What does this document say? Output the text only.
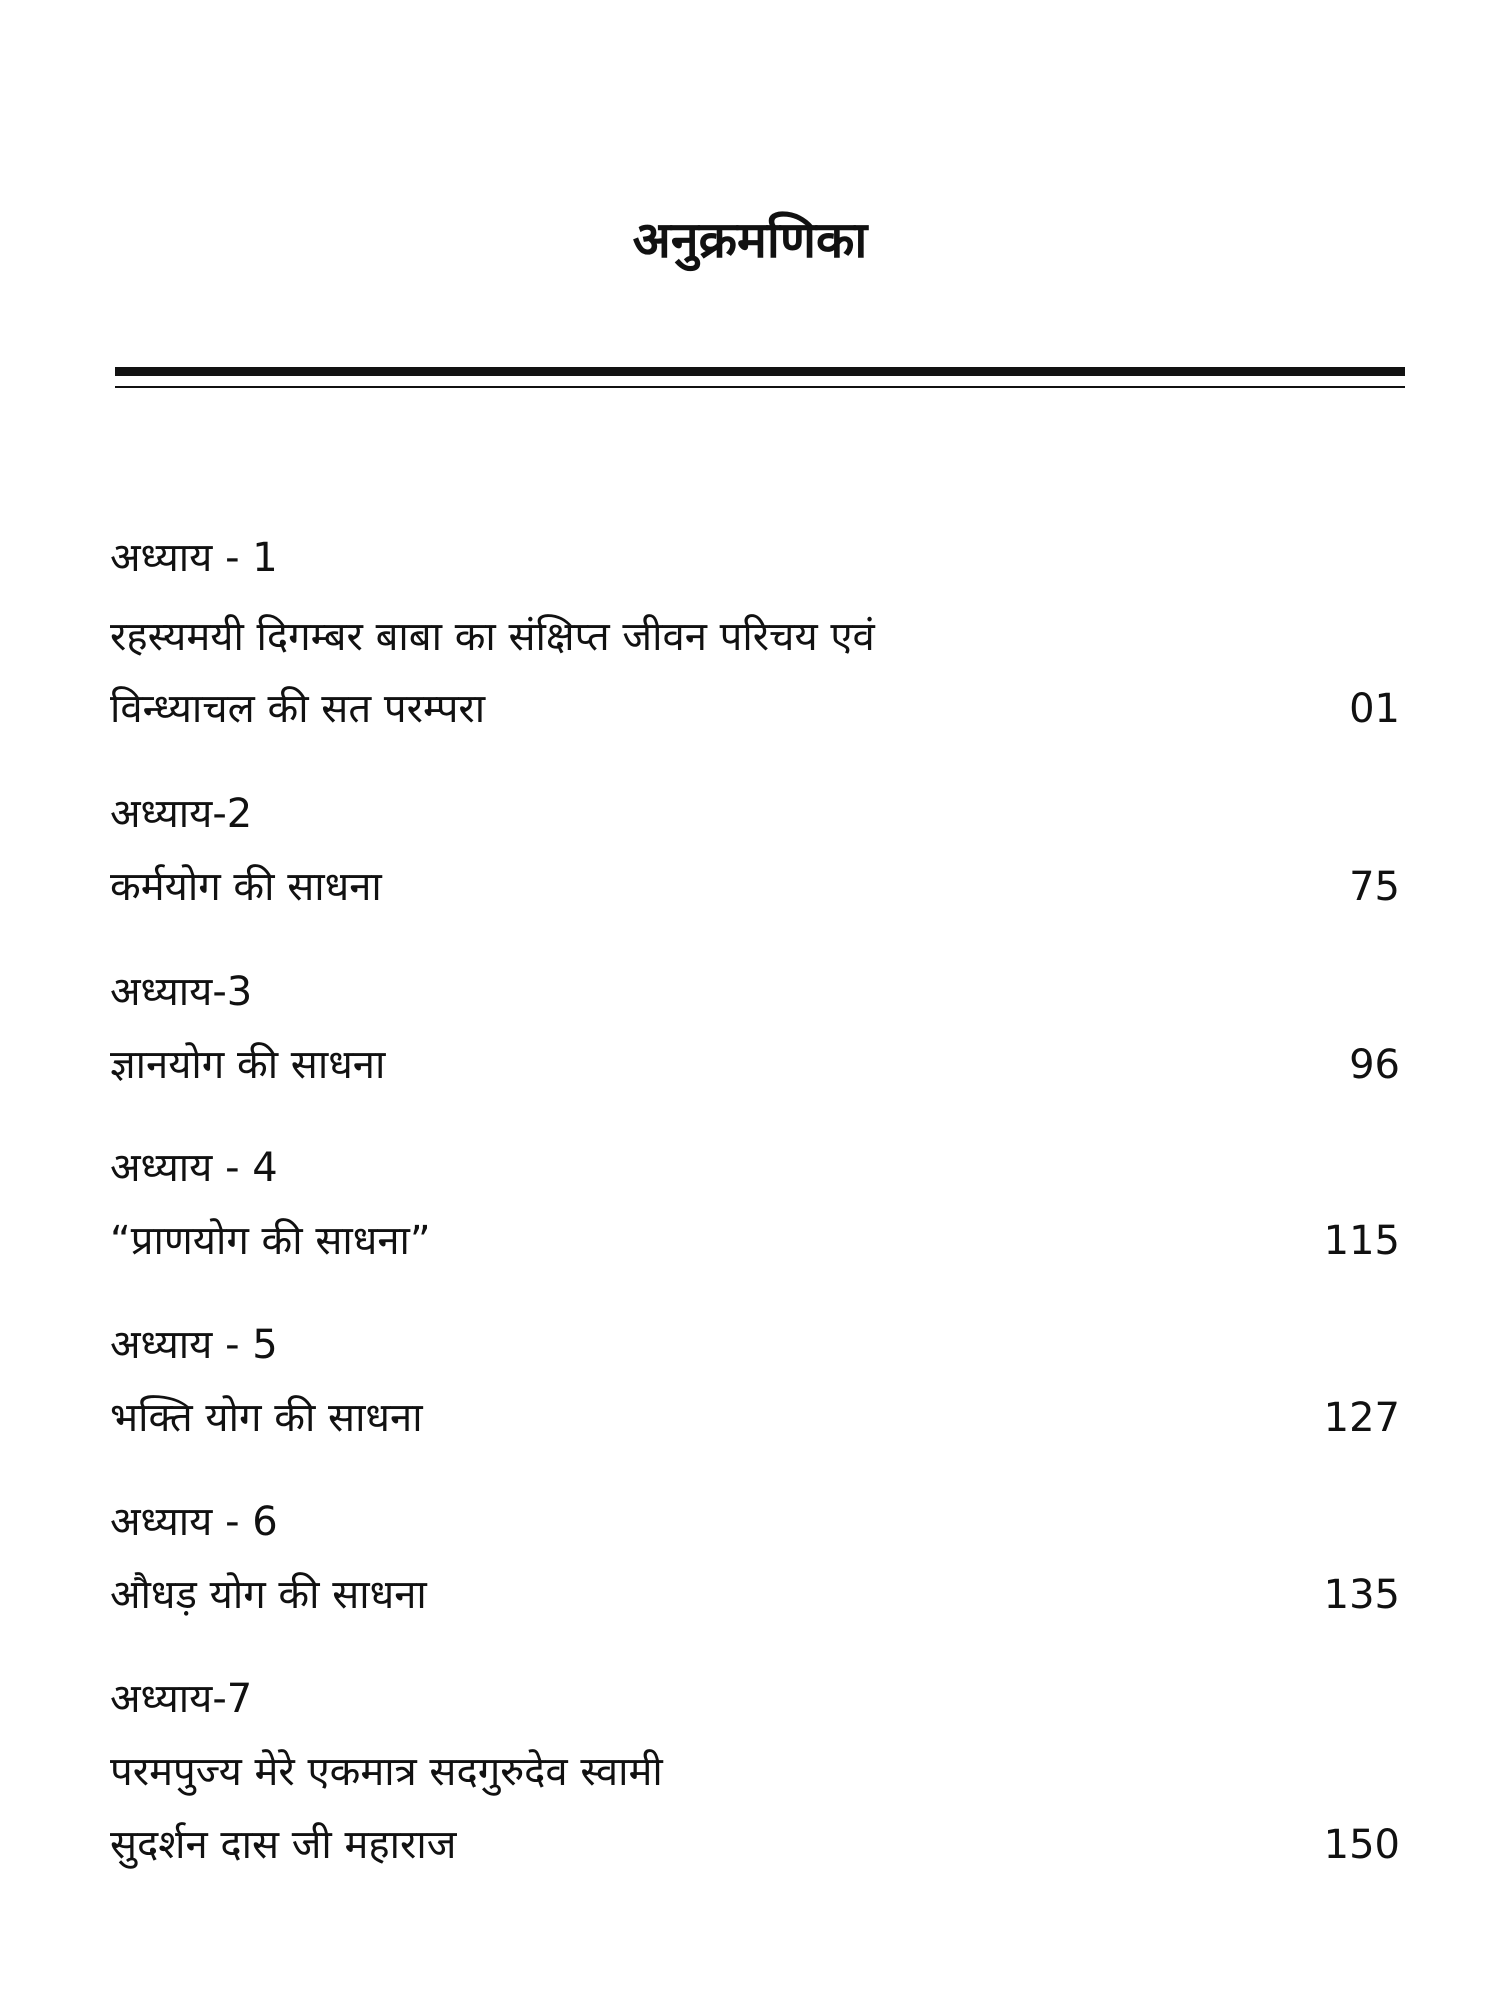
अनुक्रमणिका
अध्याय - 1
रहस्यमयी दिगम्बर बाबा का संक्षिप्त जीवन परिचय एवं
विन्ध्याचल की सत परम्परा	01
अध्याय-2
कर्मयोग की साधना	75
अध्याय-3
ज्ञानयोग की साधना	96
अध्याय - 4
“प्राणयोग की साधना”	115
अध्याय - 5
भक्ति योग की साधना	127
अध्याय - 6
औधड़ योग की साधना	135
अध्याय-7
परमपुज्य मेरे एकमात्र सदगुरुदेव स्वामी
सुदर्शन दास जी महाराज	150
